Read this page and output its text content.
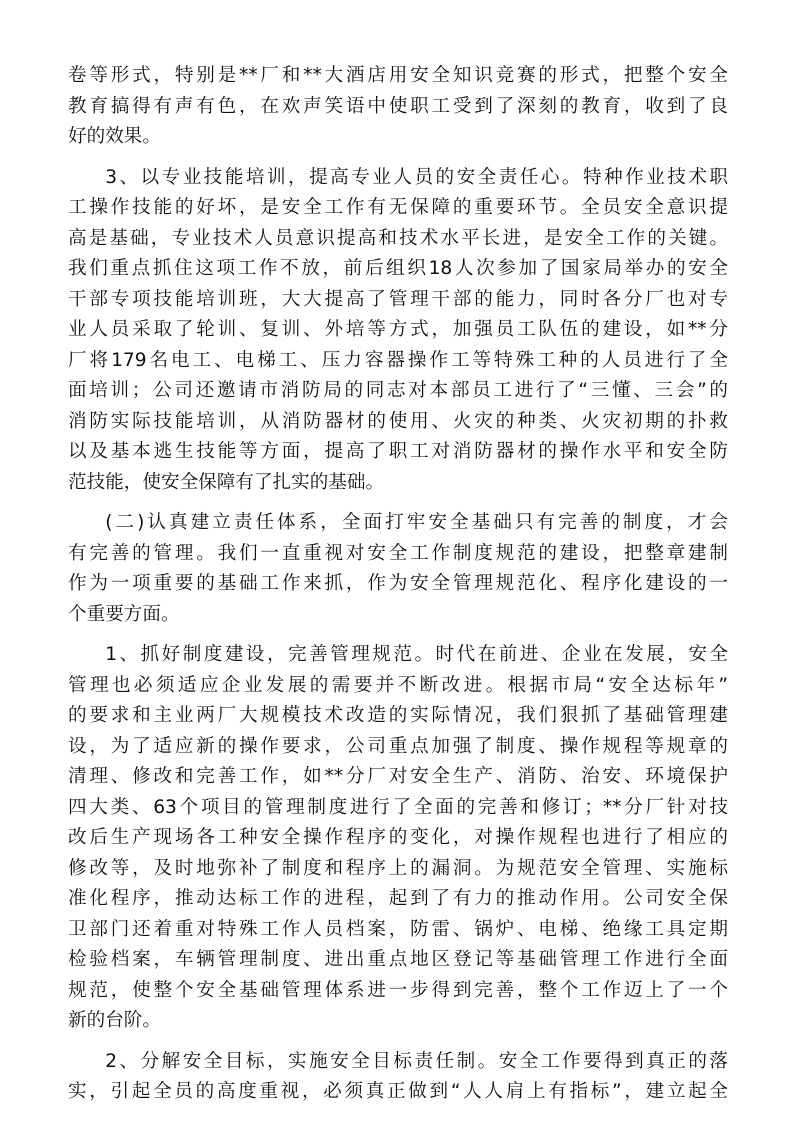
卷等形式，特别是**厂和**大酒店用安全知识竞赛的形式，把整个安全
教育搞得有声有色，在欢声笑语中使职工受到了深刻的教育，收到了良
好的效果。
3、以专业技能培训，提高专业人员的安全责任心。特种作业技术职
工操作技能的好坏，是安全工作有无保障的重要环节。全员安全意识提
高是基础，专业技术人员意识提高和技术水平长进，是安全工作的关键。
我们重点抓住这项工作不放，前后组织18人次参加了国家局举办的安全
干部专项技能培训班，大大提高了管理干部的能力，同时各分厂也对专
业人员采取了轮训、复训、外培等方式，加强员工队伍的建设，如**分
厂将179名电工、电梯工、压力容器操作工等特殊工种的人员进行了全
面培训；公司还邀请市消防局的同志对本部员工进行了“三懂、三会”的
消防实际技能培训，从消防器材的使用、火灾的种类、火灾初期的扑救
以及基本逃生技能等方面，提高了职工对消防器材的操作水平和安全防
范技能，使安全保障有了扎实的基础。
(二)认真建立责任体系，全面打牢安全基础只有完善的制度，才会
有完善的管理。我们一直重视对安全工作制度规范的建设，把整章建制
作为一项重要的基础工作来抓，作为安全管理规范化、程序化建设的一
个重要方面。
1、抓好制度建设，完善管理规范。时代在前进、企业在发展，安全
管理也必须适应企业发展的需要并不断改进。根据市局“安全达标年”
的要求和主业两厂大规模技术改造的实际情况，我们狠抓了基础管理建
设，为了适应新的操作要求，公司重点加强了制度、操作规程等规章的
清理、修改和完善工作，如**分厂对安全生产、消防、治安、环境保护
四大类、63个项目的管理制度进行了全面的完善和修订；**分厂针对技
改后生产现场各工种安全操作程序的变化，对操作规程也进行了相应的
修改等，及时地弥补了制度和程序上的漏洞。为规范安全管理、实施标
准化程序，推动达标工作的进程，起到了有力的推动作用。公司安全保
卫部门还着重对特殊工作人员档案，防雷、锅炉、电梯、绝缘工具定期
检验档案，车辆管理制度、进出重点地区登记等基础管理工作进行全面
规范，使整个安全基础管理体系进一步得到完善，整个工作迈上了一个
新的台阶。
2、分解安全目标，实施安全目标责任制。安全工作要得到真正的落
实，引起全员的高度重视，必须真正做到“人人肩上有指标”，建立起全
